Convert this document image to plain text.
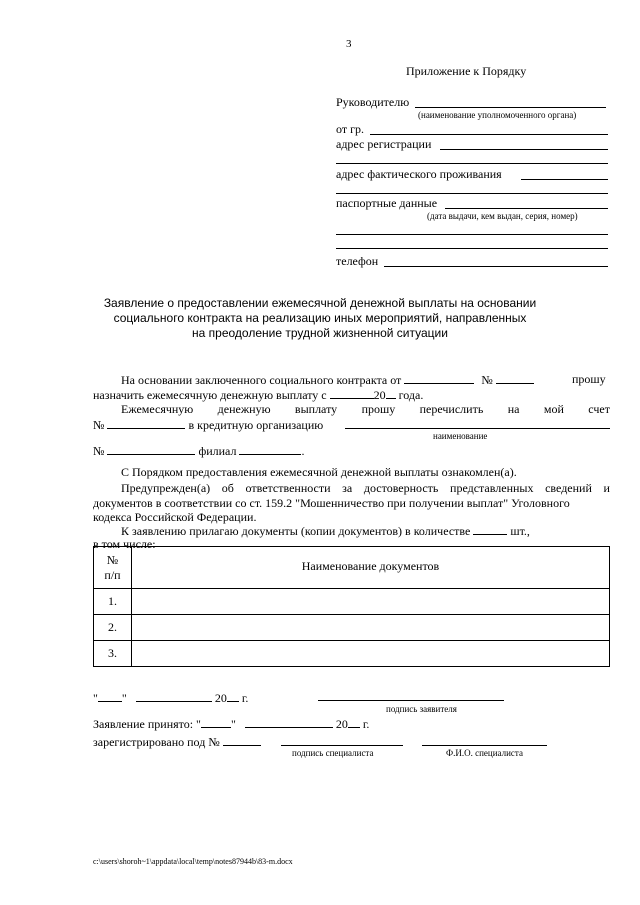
3
Приложение к Порядку
Руководителю
(наименование уполномоченного органа)
от гр.
адрес регистрации
адрес фактического проживания
паспортные данные
(дата выдачи, кем выдан, серия, номер)
телефон
Заявление о предоставлении ежемесячной денежной выплаты на основании
социального контракта на реализацию иных мероприятий, направленных
на преодоление трудной жизненной ситуации
На основании заключенного социального контракта от	№	прошу
назначить ежемесячную денежную выплату с	20 года.
Ежемесячную денежную выплату прошу перечислить на мой счет
№	в кредитную организацию
наименование
№	филиал	.
С Порядком предоставления ежемесячной денежной выплаты ознакомлен(а).
Предупрежден(а) об ответственности за достоверность представленных сведений и
документов в соответствии со ст. 159.2 "Мошенничество при получении выплат" Уголовного
кодекса Российской Федерации.
К заявлению прилагаю документы (копии документов) в количестве	шт.,
в том числе:
№
п/п	Наименование документов
1.	
2.	
3.	
" "	20 г.
подпись заявителя
Заявление принято: "	"	20 г.
зарегистрировано под №
подпись специалиста	Ф.И.О. специалиста
c:\users\shoroh~1\appdata\local\temp\notes87944b\83-m.docx
